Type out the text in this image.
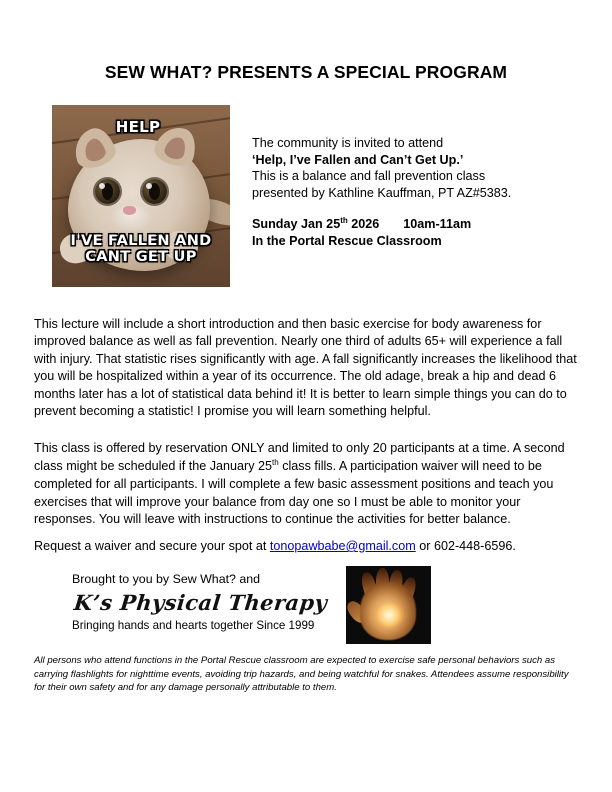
SEW WHAT? PRESENTS A SPECIAL PROGRAM
HELP
I'VE FALLEN AND CANT GET UP
The community is invited to attend
‘Help, I’ve Fallen and Can’t Get Up.’
This is a balance and fall prevention class
presented by Kathline Kauffman, PT AZ#5383.
Sunday Jan 25th 2026 10am-11am
In the Portal Rescue Classroom
This lecture will include a short introduction and then basic exercise for body awareness for improved balance as well as fall prevention. Nearly one third of adults 65+ will experience a fall with injury. That statistic rises significantly with age. A fall significantly increases the likelihood that you will be hospitalized within a year of its occurrence. The old adage, break a hip and dead 6 months later has a lot of statistical data behind it! It is better to learn simple things you can do to prevent becoming a statistic! I promise you will learn something helpful.
This class is offered by reservation ONLY and limited to only 20 participants at a time. A second class might be scheduled if the January 25th class fills. A participation waiver will need to be completed for all participants. I will complete a few basic assessment positions and teach you exercises that will improve your balance from day one so I must be able to monitor your responses. You will leave with instructions to continue the activities for better balance.
Request a waiver and secure your spot at tonopawbabe@gmail.com or 602-448-6596.
Brought to you by Sew What? and
K’s Physical Therapy
Bringing hands and hearts together Since 1999
All persons who attend functions in the Portal Rescue classroom are expected to exercise safe personal behaviors such as carrying flashlights for nighttime events, avoiding trip hazards, and being watchful for snakes. Attendees assume responsibility for their own safety and for any damage personally attributable to them.
